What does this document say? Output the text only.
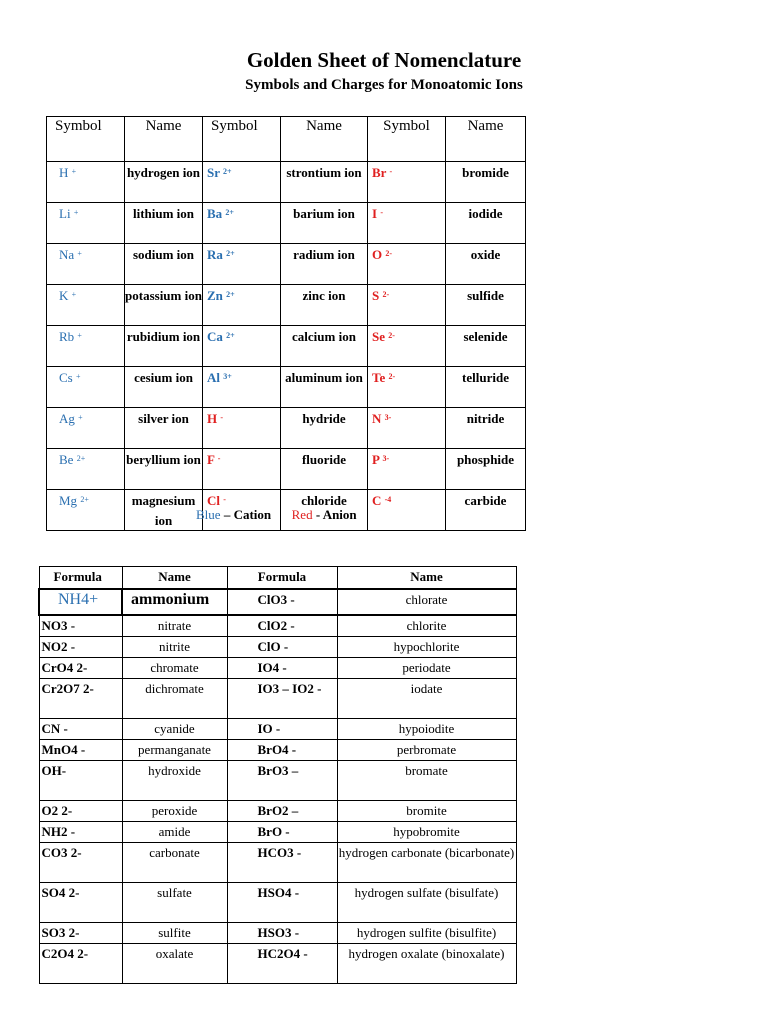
Golden Sheet of Nomenclature
Symbols and Charges for Monoatomic Ions
Symbol	Name	Symbol	Name	Symbol	Name
H +	hydrogen ion	Sr $^{2+}$	strontium ion	Br -	bromide
Li +	lithium ion	Ba $^{2+}$	barium ion	I -	iodide
Na +	sodium ion	Ra $^{2+}$	radium ion	O $^{2-}$	oxide
K +	potassium ion	Zn $^{2+}$	zinc ion	S $^{2-}$	sulfide
Rb +	rubidium ion	Ca $^{2+}$	calcium ion	Se $^{2-}$	selenide
Cs +	cesium ion	Al $^{3+}$	aluminum ion	Te $^{2-}$	telluride
Ag +	silver ion	H -	hydride	N $^{3-}$	nitride
Be $^{2+}$	beryllium ion	F -	fluoride	P $^{3-}$	phosphide
Mg $^{2+}$	magnesium ion	Cl -	chloride	C $^{-4}$	carbide
Blue – Cation Red - Anion
Formula	Name	Formula	Name
NH4+	ammonium	ClO3 -	chlorate
NO3 -	nitrate	ClO2 -	chlorite
NO2 -	nitrite	ClO -	hypochlorite
CrO4 2-	chromate	IO4 -	periodate
Cr2O7 2-	dichromate	IO3 – IO2 -	iodate
CN -	cyanide	IO -	hypoiodite
MnO4 -	permanganate	BrO4 -	perbromate
OH-	hydroxide	BrO3 –	bromate
O2 2-	peroxide	BrO2 –	bromite
NH2 -	amide	BrO -	hypobromite
CO3 2-	carbonate	HCO3 -	hydrogen carbonate (bicarbonate)
SO4 2-	sulfate	HSO4 -	hydrogen sulfate (bisulfate)
SO3 2-	sulfite	HSO3 -	hydrogen sulfite (bisulfite)
C2O4 2-	oxalate	HC2O4 -	hydrogen oxalate (binoxalate)
